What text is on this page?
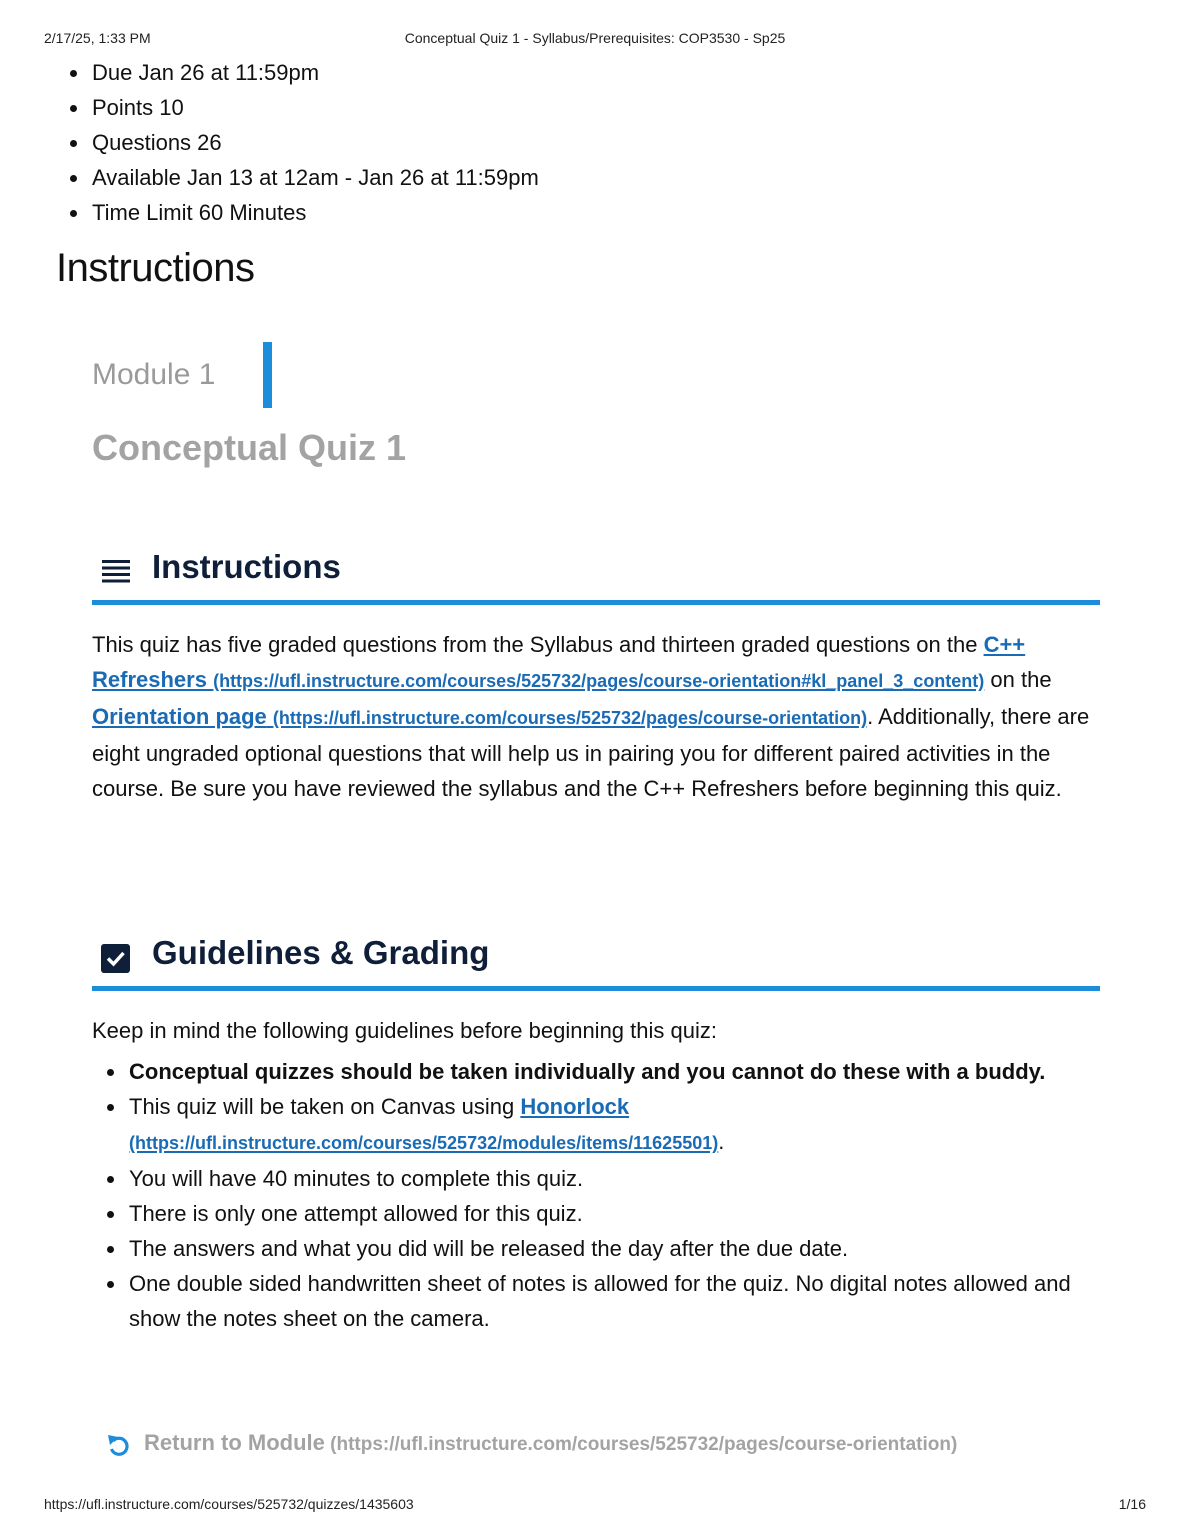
2/17/25, 1:33 PM	Conceptual Quiz 1 - Syllabus/Prerequisites: COP3530 - Sp25
Due Jan 26 at 11:59pm
Points 10
Questions 26
Available Jan 13 at 12am - Jan 26 at 11:59pm
Time Limit 60 Minutes
Instructions
Module 1
Conceptual Quiz 1
Instructions

This quiz has five graded questions from the Syllabus and thirteen graded questions on the C++ Refreshers (https://ufl.instructure.com/courses/525732/pages/course-orientation#kl_panel_3_content) on the Orientation page (https://ufl.instructure.com/courses/525732/pages/course-orientation). Additionally, there are eight ungraded optional questions that will help us in pairing you for different paired activities in the course. Be sure you have reviewed the syllabus and the C++ Refreshers before beginning this quiz.

Guidelines & Grading

Keep in mind the following guidelines before beginning this quiz:

Conceptual quizzes should be taken individually and you cannot do these with a buddy.
This quiz will be taken on Canvas using Honorlock
(https://ufl.instructure.com/courses/525732/modules/items/11625501).
You will have 40 minutes to complete this quiz.
There is only one attempt allowed for this quiz.
The answers and what you did will be released the day after the due date.
One double sided handwritten sheet of notes is allowed for the quiz. No digital notes allowed and show the notes sheet on the camera.
Return to Module (https://ufl.instructure.com/courses/525732/pages/course-orientation)
https://ufl.instructure.com/courses/525732/quizzes/1435603	1/16
